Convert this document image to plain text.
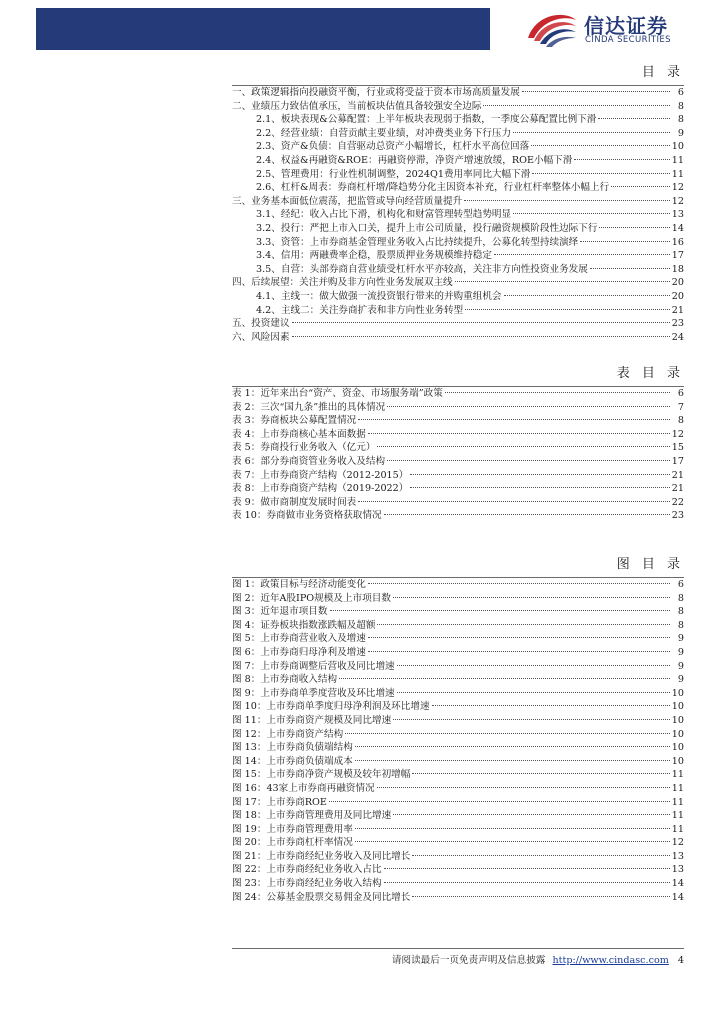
信达证券
CINDA SECURITIES
目 录
一、政策逻辑指向投融资平衡，行业或将受益于资本市场高质量发展	6
二、业绩压力致估值承压，当前板块估值具备较强安全边际	8
2.1、板块表现&公募配置：上半年板块表现弱于指数，一季度公募配置比例下滑	8
2.2、经营业绩：自营贡献主要业绩，对冲费类业务下行压力	9
2.3、资产&负债：自营驱动总资产小幅增长，杠杆水平高位回落	10
2.4、权益&再融资&ROE：再融资停滞，净资产增速放缓，ROE小幅下滑	11
2.5、管理费用：行业性机制调整，2024Q1费用率同比大幅下滑	11
2.6、杠杆&周表：券商杠杆增/降趋势分化主因资本补充，行业杠杆率整体小幅上行	12
三、业务基本面低位震荡，把监管或导向经营质量提升	12
3.1、经纪：收入占比下滑，机构化和财富管理转型趋势明显	13
3.2、投行：严把上市入口关，提升上市公司质量，投行融资规模阶段性边际下行	14
3.3、资管：上市券商基金管理业务收入占比持续提升，公募化转型持续演绎	16
3.4、信用：两融费率企稳，股票质押业务规模维持稳定	17
3.5、自营：头部券商自营业绩受杠杆水平亦较高，关注非方向性投资业务发展	18
四、后续展望：关注并购及非方向性业务发展双主线	20
4.1、主线一：做大做强一流投资银行带来的并购重组机会	20
4.2、主线二：关注券商扩表和非方向性业务转型	21
五、投资建议	23
六、风险因素	24
表 目 录
表 1：近年来出台“资产、资金、市场服务端”政策	6
表 2：三次“国九条”推出的具体情况	7
表 3：券商板块公募配置情况	8
表 4：上市券商核心基本面数据	12
表 5：券商投行业务收入（亿元）	15
表 6：部分券商资管业务收入及结构	17
表 7：上市券商资产结构（2012-2015）	21
表 8：上市券商资产结构（2019-2022）	21
表 9：做市商制度发展时间表	22
表 10：券商做市业务资格获取情况	23
图 目 录
图 1：政策目标与经济动能变化	6
图 2：近年A股IPO规模及上市项目数	8
图 3：近年退市项目数	8
图 4：证券板块指数涨跌幅及超额	8
图 5：上市券商营业收入及增速	9
图 6：上市券商归母净利及增速	9
图 7：上市券商调整后营收及同比增速	9
图 8：上市券商收入结构	9
图 9：上市券商单季度营收及环比增速	10
图 10：上市券商单季度归母净利润及环比增速	10
图 11：上市券商资产规模及同比增速	10
图 12：上市券商资产结构	10
图 13：上市券商负债端结构	10
图 14：上市券商负债端成本	10
图 15：上市券商净资产规模及较年初增幅	11
图 16：43家上市券商再融资情况	11
图 17：上市券商ROE	11
图 18：上市券商管理费用及同比增速	11
图 19：上市券商管理费用率	11
图 20：上市券商杠杆率情况	12
图 21：上市券商经纪业务收入及同比增长	13
图 22：上市券商经纪业务收入占比	13
图 23：上市券商经纪业务收入结构	14
图 24：公募基金股票交易佣金及同比增长	14
请阅读最后一页免责声明及信息披露 http://www.cindasc.com 4
